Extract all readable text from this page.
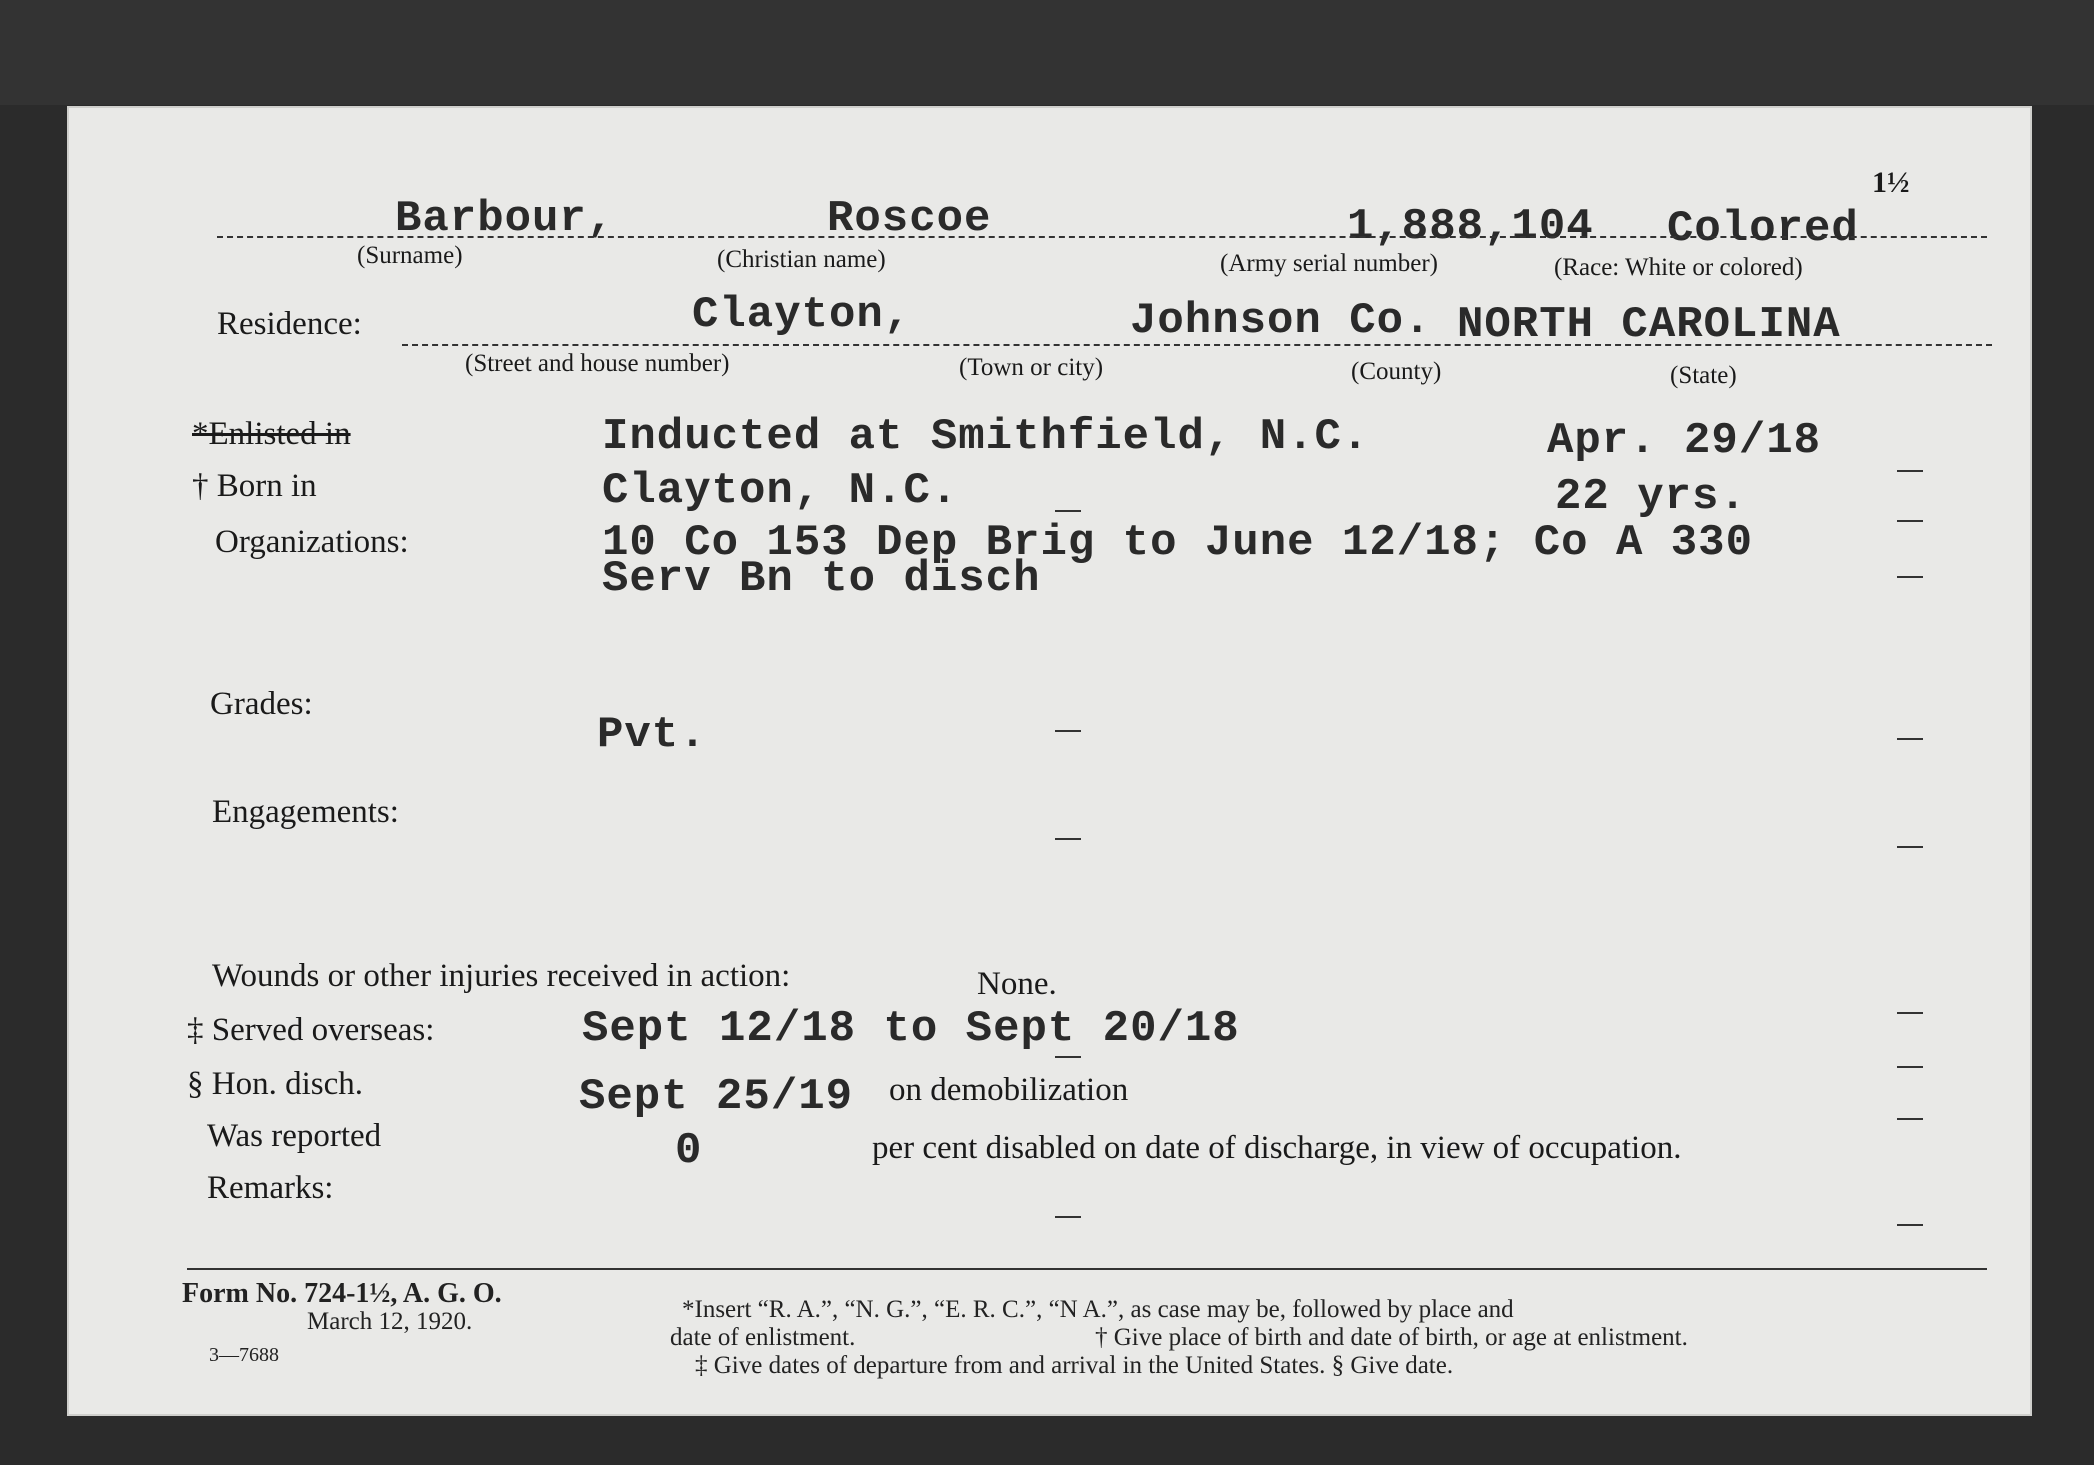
1½
Barbour,	Roscoe	1,888,104 Colored
(Surname)	(Christian name)	(Army serial number)	(Race: White or colored)
Residence:	Clayton,	Johnson Co. NORTH CAROLINA
(Street and house number)	(Town or city)	(County)	(State)
*Enlisted in	Inducted at Smithfield, N.C.	Apr. 29/18
† Born in	Clayton, N.C.	22 yrs.
Organizations:	10 Co 153 Dep Brig to June 12/18; Co A 330
Serv Bn to disch
Grades:
Pvt.
Engagements:
Wounds or other injuries received in action:	None.
‡ Served overseas:	Sept 12/18 to Sept 20/18
§ Hon. disch.	Sept 25/19 on demobilization
Was reported	0	per cent disabled on date of discharge, in view of occupation.
Remarks:
Form No. 724-1½, A. G. O.
March 12, 1920.
3—7688
*Insert “R. A.”, “N. G.”, “E. R. C.”, “N A.”, as case may be, followed by place and
date of enlistment.	† Give place of birth and date of birth, or age at enlistment.
‡ Give dates of departure from and arrival in the United States. § Give date.
